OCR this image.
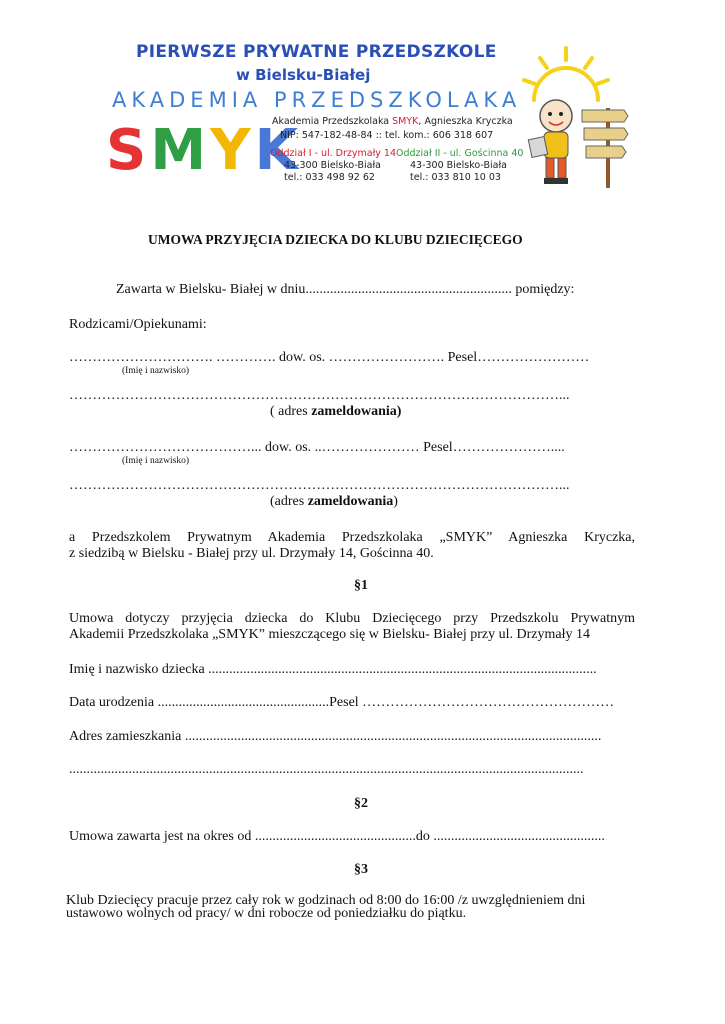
PIERWSZE PRYWATNE PRZEDSZKOLE
w Bielsku-Białej
AKADEMIA PRZEDSZKOLAKA
SMYK
Akademia Przedszkolaka SMYK, Agnieszka Kryczka
NIP: 547-182-48-84 :: tel. kom.: 606 318 607
Oddział I - ul. Drzymały 14
43-300 Bielsko-Biała
tel.: 033 498 92 62
Oddział II - ul. Gościnna 40
43-300 Bielsko-Biała
tel.: 033 810 10 03
UMOWA PRZYJĘCIA DZIECKA DO KLUBU DZIECIĘCEGO
Zawarta w Bielsku- Białej w dniu........................................................... pomiędzy:
Rodzicami/Opiekunami:
…………………………. …………. dow. os. ……………………. Pesel……………………
(Imię i nazwisko)
……………………………………………………………………………………………...
( adres zameldowania)
…………………………………... dow. os. ..………………… Pesel…………………....
(Imię i nazwisko)
……………………………………………………………………………………………...
(adres zameldowania)
a Przedszkolem Prywatnym Akademia Przedszkolaka „SMYK” Agnieszka Kryczka,
z siedzibą w Bielsku - Białej przy ul. Drzymały 14, Gościnna 40.
§1
Umowa dotyczy przyjęcia dziecka do Klubu Dziecięcego przy Przedszkolu Prywatnym
Akademii Przedszkolaka „SMYK” mieszczącego się w Bielsku- Białej przy ul. Drzymały 14
Imię i nazwisko dziecka ...............................................................................................................
Data urodzenia .................................................Pesel ………………………………………………
Adres zamieszkania .......................................................................................................................
...................................................................................................................................................
§2
Umowa zawarta jest na okres od ..............................................do .................................................
§3
Klub Dziecięcy pracuje przez cały rok w godzinach od 8:00 do 16:00 /z uwzględnieniem dni
ustawowo wolnych od pracy/ w dni robocze od poniedziałku do piątku.
